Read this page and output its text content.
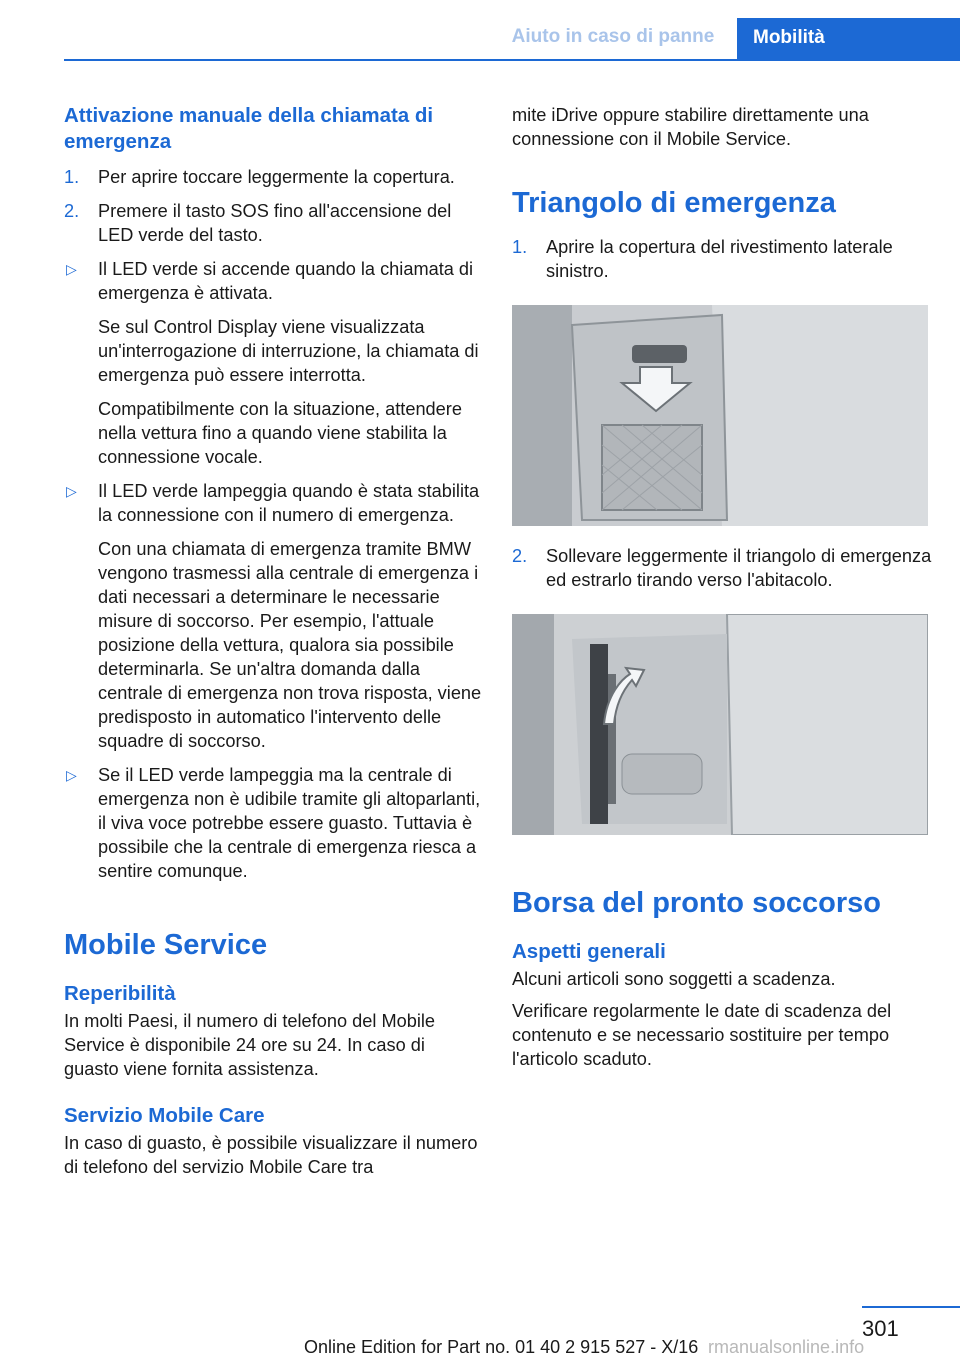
Aiuto in caso di panne	Mobilità
Attivazione manuale della chiamata di emergenza
1. Per aprire toccare leggermente la copertura.
2. Premere il tasto SOS fino all'accensione del LED verde del tasto.
▷ Il LED verde si accende quando la chiamata di emergenza è attivata.

Se sul Control Display viene visualizzata un'interrogazione di interruzione, la chiamata di emergenza può essere interrotta.

Compatibilmente con la situazione, attendere nella vettura fino a quando viene stabilita la connessione vocale.

▷ Il LED verde lampeggia quando è stata stabilita la connessione con il numero di emergenza.

Con una chiamata di emergenza tramite BMW vengono trasmessi alla centrale di emergenza i dati necessari a determinare le necessarie misure di soccorso. Per esempio, l'attuale posizione della vettura, qualora sia possibile determinarla. Se un'altra domanda dalla centrale di emergenza non trova risposta, viene predisposto in automatico l'intervento delle squadre di soccorso.

▷ Se il LED verde lampeggia ma la centrale di emergenza non è udibile tramite gli altoparlanti, il viva voce potrebbe essere guasto. Tuttavia è possibile che la centrale di emergenza riesca a sentire comunque.

Mobile Service
Reperibilità

In molti Paesi, il numero di telefono del Mobile Service è disponibile 24 ore su 24. In caso di guasto viene fornita assistenza.

Servizio Mobile Care

In caso di guasto, è possibile visualizzare il numero di telefono del servizio Mobile Care tra

mite iDrive oppure stabilire direttamente una connessione con il Mobile Service.

Triangolo di emergenza
1. Aprire la copertura del rivestimento laterale sinistro.
2. Sollevare leggermente il triangolo di emergenza ed estrarlo tirando verso l'abitacolo.
Borsa del pronto soccorso
Aspetti generali

Alcuni articoli sono soggetti a scadenza.

Verificare regolarmente le date di scadenza del contenuto e se necessario sostituire per tempo l'articolo scaduto.

301
Online Edition for Part no. 01 40 2 915 527 - X/16 rmanualsonline.info
